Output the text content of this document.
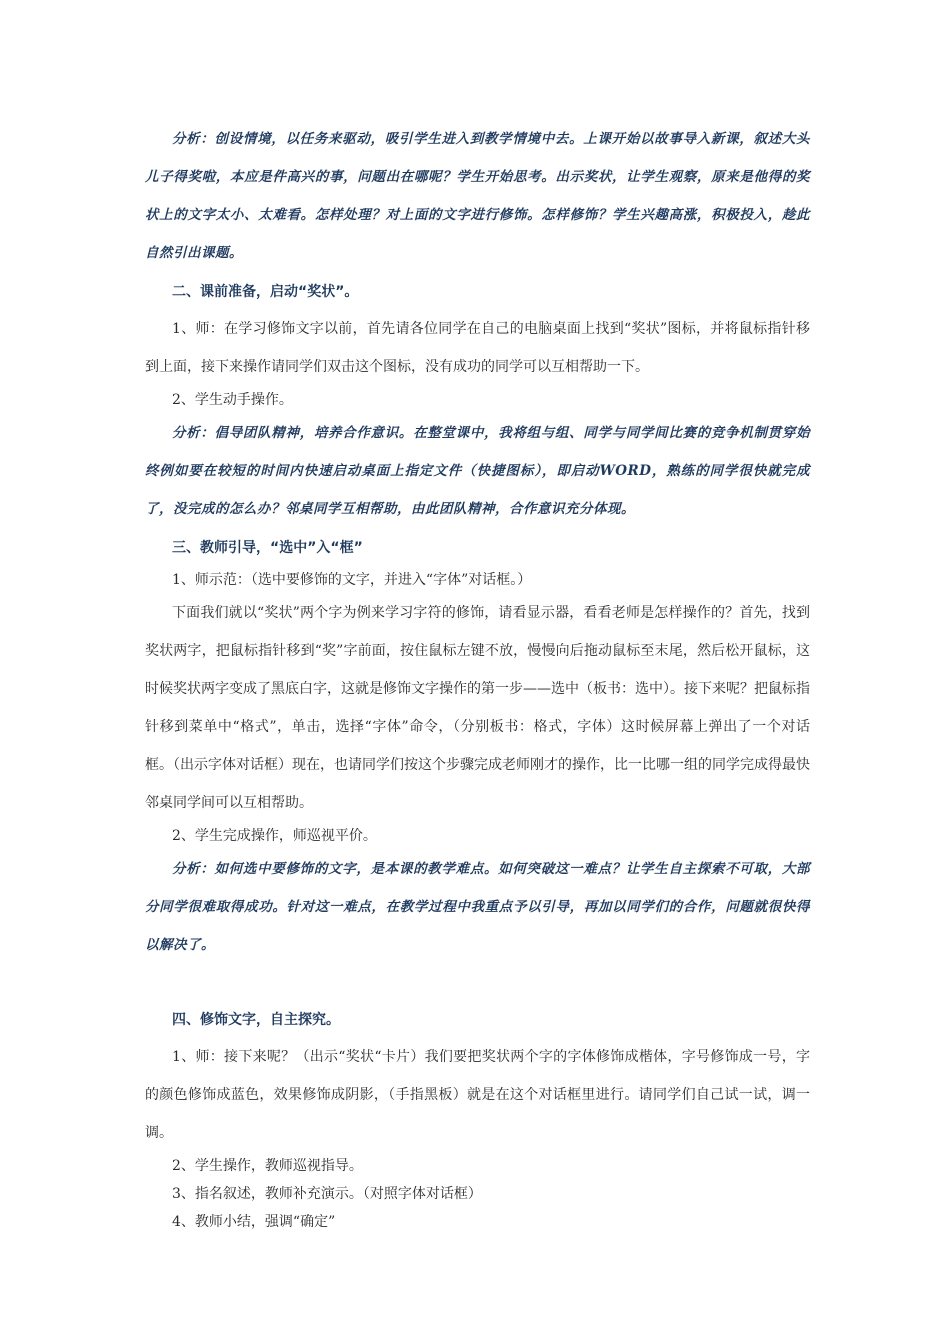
分析：创设情境，以任务来驱动，吸引学生进入到教学情境中去。上课开始以故事导入新课，叙述大头儿子得奖啦，本应是件高兴的事，问题出在哪呢？学生开始思考。出示奖状，让学生观察，原来是他得的奖状上的文字太小、太难看。怎样处理？对上面的文字进行修饰。怎样修饰？学生兴趣高涨，积极投入，趁此自然引出课题。

二、课前准备，启动“奖状”。

1、师：在学习修饰文字以前，首先请各位同学在自己的电脑桌面上找到“奖状”图标，并将鼠标指针移到上面，接下来操作请同学们双击这个图标，没有成功的同学可以互相帮助一下。

2、学生动手操作。

分析：倡导团队精神，培养合作意识。在整堂课中，我将组与组、同学与同学间比赛的竞争机制贯穿始终例如要在较短的时间内快速启动桌面上指定文件（快捷图标），即启动WORD，熟练的同学很快就完成了，没完成的怎么办？邻桌同学互相帮助，由此团队精神，合作意识充分体现。

三、教师引导，“选中”入“框”

1、师示范：（选中要修饰的文字，并进入“字体”对话框。）

下面我们就以“奖状”两个字为例来学习字符的修饰，请看显示器，看看老师是怎样操作的？首先，找到奖状两字，把鼠标指针移到“奖”字前面，按住鼠标左键不放，慢慢向后拖动鼠标至末尾，然后松开鼠标，这时候奖状两字变成了黑底白字，这就是修饰文字操作的第一步——选中（板书：选中）。接下来呢？把鼠标指针移到菜单中“格式”，单击，选择“字体”命令，（分别板书：格式，字体）这时候屏幕上弹出了一个对话框。（出示字体对话框）现在，也请同学们按这个步骤完成老师刚才的操作，比一比哪一组的同学完成得最快邻桌同学间可以互相帮助。

2、学生完成操作，师巡视平价。

分析：如何选中要修饰的文字，是本课的教学难点。如何突破这一难点？让学生自主探索不可取，大部分同学很难取得成功。针对这一难点，在教学过程中我重点予以引导，再加以同学们的合作，问题就很快得以解决了。

四、修饰文字，自主探究。

1、师：接下来呢？（出示“奖状“卡片）我们要把奖状两个字的字体修饰成楷体，字号修饰成一号，字的颜色修饰成蓝色，效果修饰成阴影，（手指黑板）就是在这个对话框里进行。请同学们自己试一试，调一调。

2、学生操作，教师巡视指导。

3、指名叙述，教师补充演示。（对照字体对话框）

4、教师小结，强调“确定”
